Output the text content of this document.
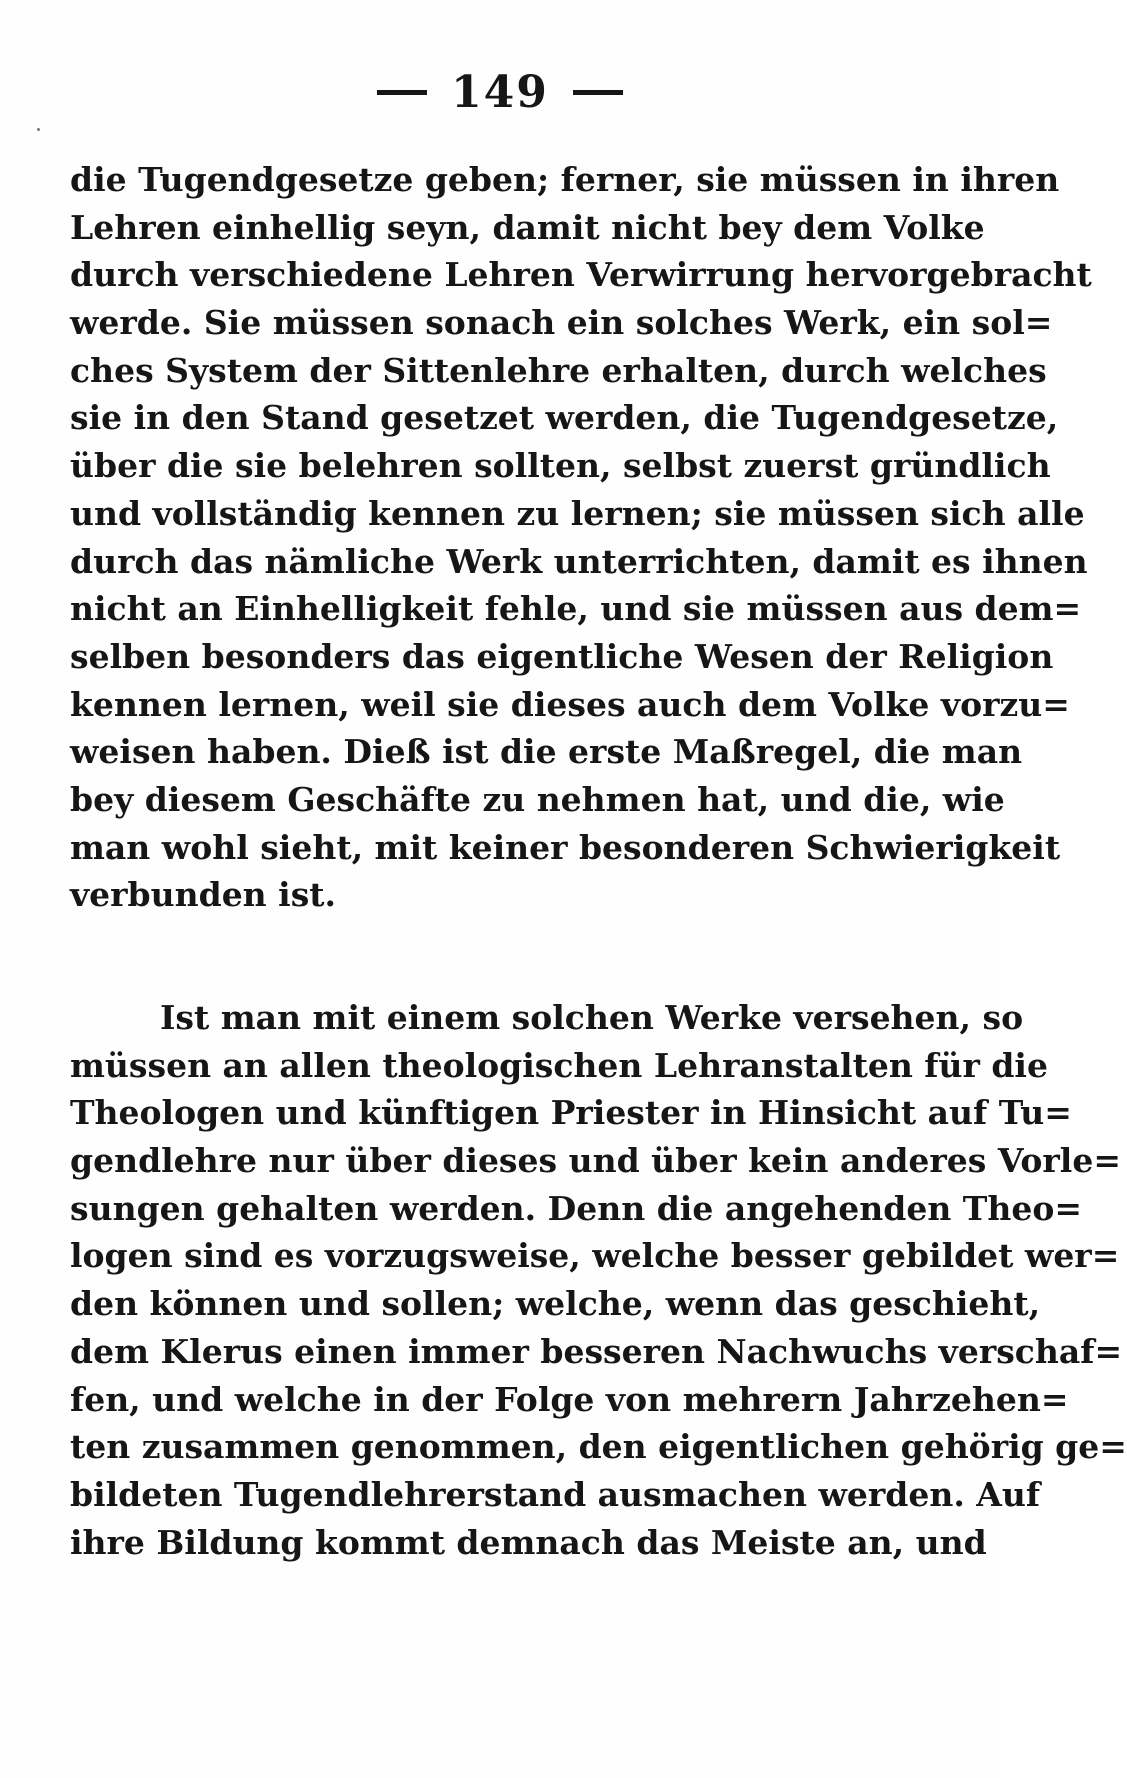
149
die Tugendgesetze geben; ferner, sie müssen in ihren
Lehren einhellig seyn, damit nicht bey dem Volke
durch verschiedene Lehren Verwirrung hervorgebracht
werde. Sie müssen sonach ein solches Werk, ein sol=
ches System der Sittenlehre erhalten, durch welches
sie in den Stand gesetzet werden, die Tugendgesetze,
über die sie belehren sollten, selbst zuerst gründlich
und vollständig kennen zu lernen; sie müssen sich alle
durch das nämliche Werk unterrichten, damit es ihnen
nicht an Einhelligkeit fehle, und sie müssen aus dem=
selben besonders das eigentliche Wesen der Religion
kennen lernen, weil sie dieses auch dem Volke vorzu=
weisen haben. Dieß ist die erste Maßregel, die man
bey diesem Geschäfte zu nehmen hat, und die, wie
man wohl sieht, mit keiner besonderen Schwierigkeit
verbunden ist.
Ist man mit einem solchen Werke versehen, so
müssen an allen theologischen Lehranstalten für die
Theologen und künftigen Priester in Hinsicht auf Tu=
gendlehre nur über dieses und über kein anderes Vorle=
sungen gehalten werden. Denn die angehenden Theo=
logen sind es vorzugsweise, welche besser gebildet wer=
den können und sollen; welche, wenn das geschieht,
dem Klerus einen immer besseren Nachwuchs verschaf=
fen, und welche in der Folge von mehrern Jahrzehen=
ten zusammen genommen, den eigentlichen gehörig ge=
bildeten Tugendlehrerstand ausmachen werden. Auf
ihre Bildung kommt demnach das Meiste an, und
